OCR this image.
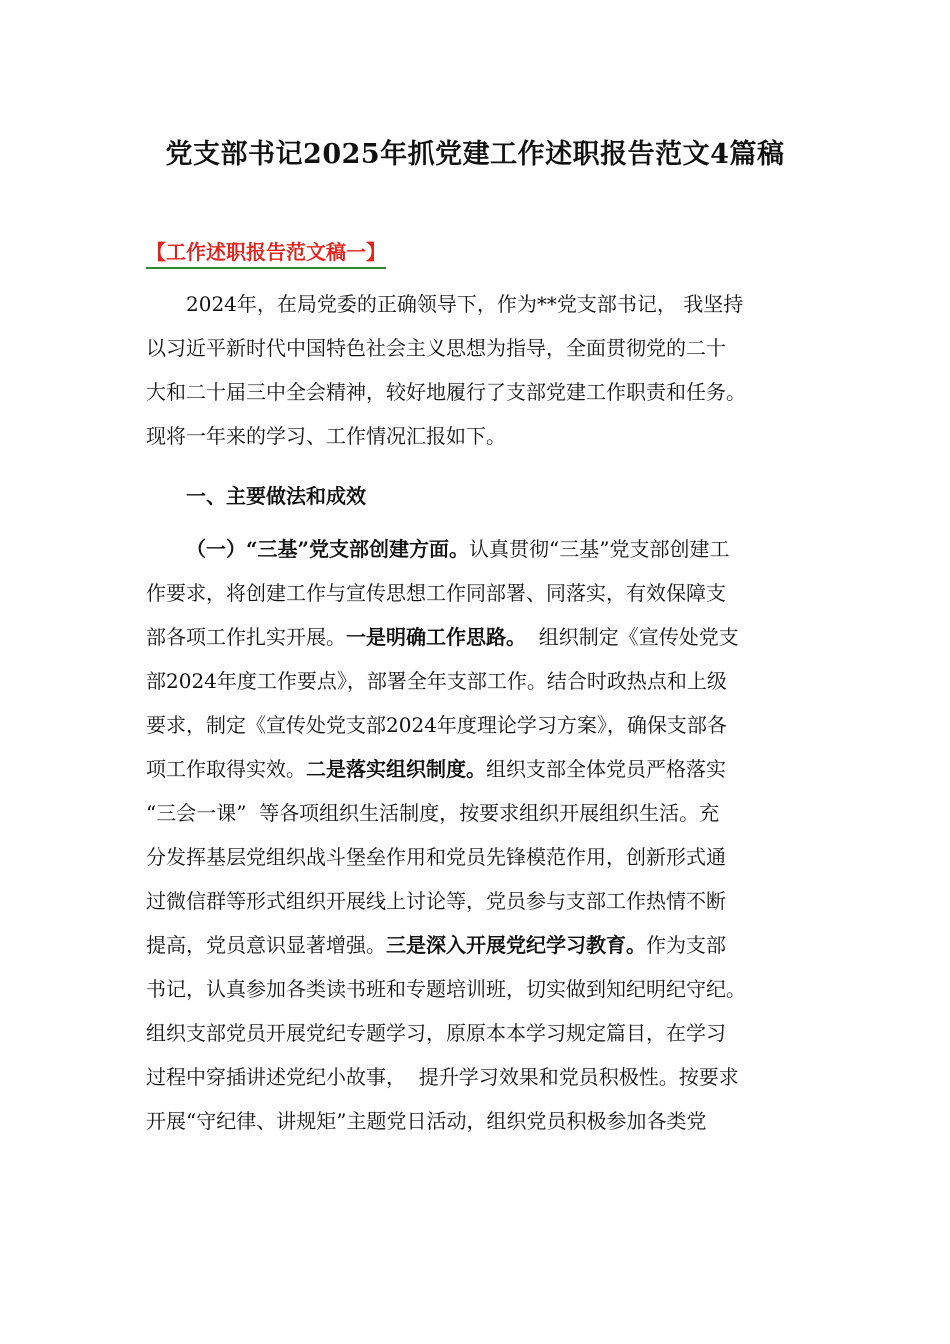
党支部书记2025年抓党建工作述职报告范文4篇稿
【工作述职报告范文稿一】
2024年，在局党委的正确领导下，作为**党支部书记， 我坚持
以习近平新时代中国特色社会主义思想为指导，全面贯彻党的二十
大和二十届三中全会精神，较好地履行了支部党建工作职责和任务。
现将一年来的学习、工作情况汇报如下。
一、主要做法和成效
（一）“三基”党支部创建方面。认真贯彻“三基”党支部创建工
作要求，将创建工作与宣传思想工作同部署、同落实，有效保障支
部各项工作扎实开展。一是明确工作思路。  组织制定《宣传处党支
部2024年度工作要点》，部署全年支部工作。结合时政热点和上级
要求，制定《宣传处党支部2024年度理论学习方案》，确保支部各
项工作取得实效。二是落实组织制度。组织支部全体党员严格落实
“三会一课”  等各项组织生活制度，按要求组织开展组织生活。充
分发挥基层党组织战斗堡垒作用和党员先锋模范作用，创新形式通
过微信群等形式组织开展线上讨论等，党员参与支部工作热情不断
提高，党员意识显著增强。三是深入开展党纪学习教育。作为支部
书记，认真参加各类读书班和专题培训班，切实做到知纪明纪守纪。
组织支部党员开展党纪专题学习，原原本本学习规定篇目，在学习
过程中穿插讲述党纪小故事，  提升学习效果和党员积极性。按要求
开展“守纪律、讲规矩”主题党日活动，组织党员积极参加各类党
